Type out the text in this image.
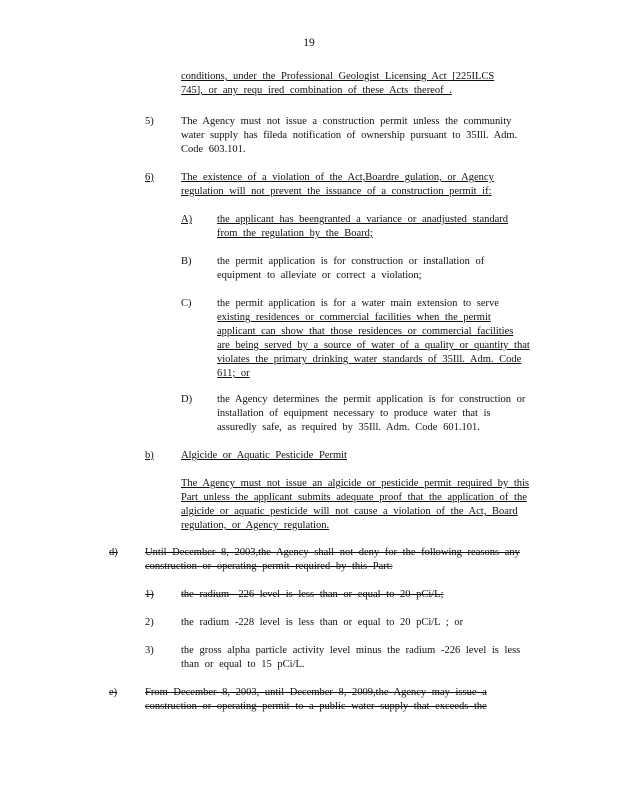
19
conditions, under the Professional Geologist Licensing Act [225ILCS
745], or any requ ired combination of these Acts thereof .
5)	The Agency must not issue a construction permit unless the community
water supply has fileda notification of ownership pursuant to 35Ill. Adm.
Code 603.101.
6)	The existence of a violation of the Act,Boardre gulation, or Agency
regulation will not prevent the issuance of a construction permit if:
A) the applicant has beengranted a variance or anadjusted standard
from the regulation by the Board;
B) the permit application is for construction or installation of
equipment to alleviate or correct a violation;
C) the permit application is for a water main extension to serve
existing residences or commercial facilities when the permit
applicant can show that those residences or commercial facilities
are being served by a source of water of a quality or quantity that
violates the primary drinking water standards of 35Ill. Adm. Code
611; or
D) the Agency determines the permit application is for construction or
installation of equipment necessary to produce water that is
assuredly safe, as required by 35Ill. Adm. Code 601.101.
b)	Algicide or Aquatic Pesticide Permit
The Agency must not issue an algicide or pesticide permit required by this
Part unless the applicant submits adequate proof that the application of the
algicide or aquatic pesticide will not cause a violation of the Act, Board
regulation, or Agency regulation.
d)	Until December 8, 2003,the Agency shall not deny for the following reasons any
construction or operating permit required by this Part:
1)	the radium -226 level is less than or equal to 20 pCi/L;
2)	the radium -228 level is less than or equal to 20 pCi/L ; or
3)	the gross alpha particle activity level minus the radium -226 level is less
than or equal to 15 pCi/L.
e)	From December 8, 2003, until December 8, 2009,the Agency may issue a
construction or operating permit to a public water supply that exceeds the
